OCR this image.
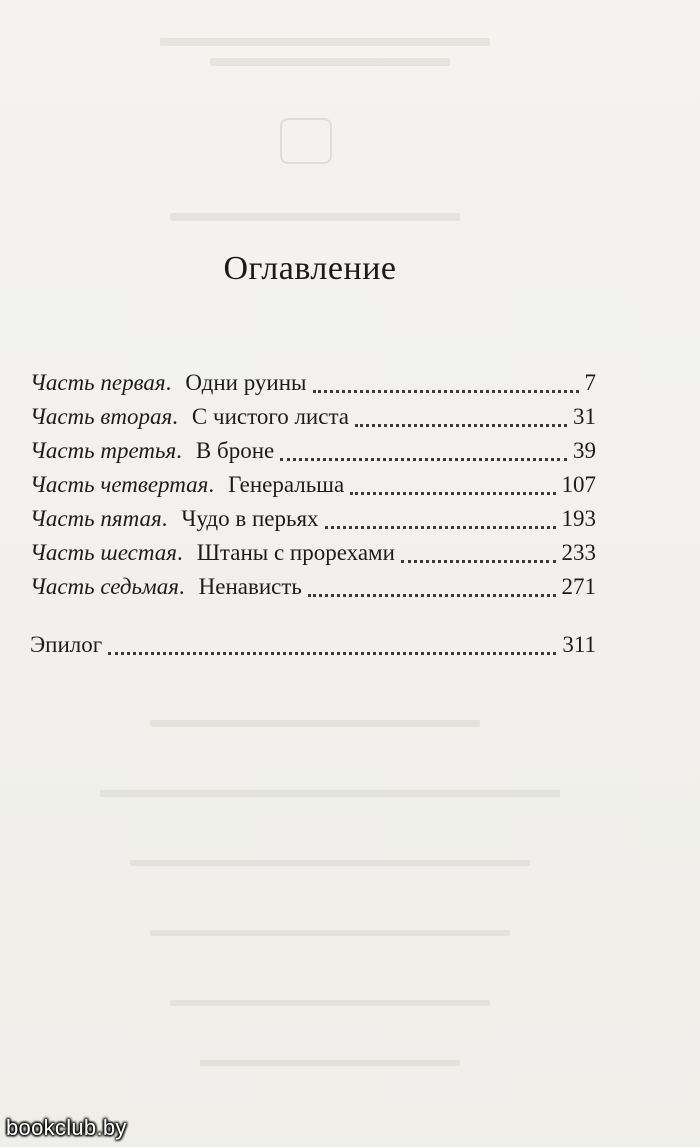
Оглавление
Часть первая . Одни руины	7
Часть вторая . С чистого листа	31
Часть третья . В броне	39
Часть четвертая . Генеральша	107
Часть пятая . Чудо в перьях	193
Часть шестая . Штаны с прорехами	233
Часть седьмая . Ненависть	271
Эпилог	311
bookclub.by
